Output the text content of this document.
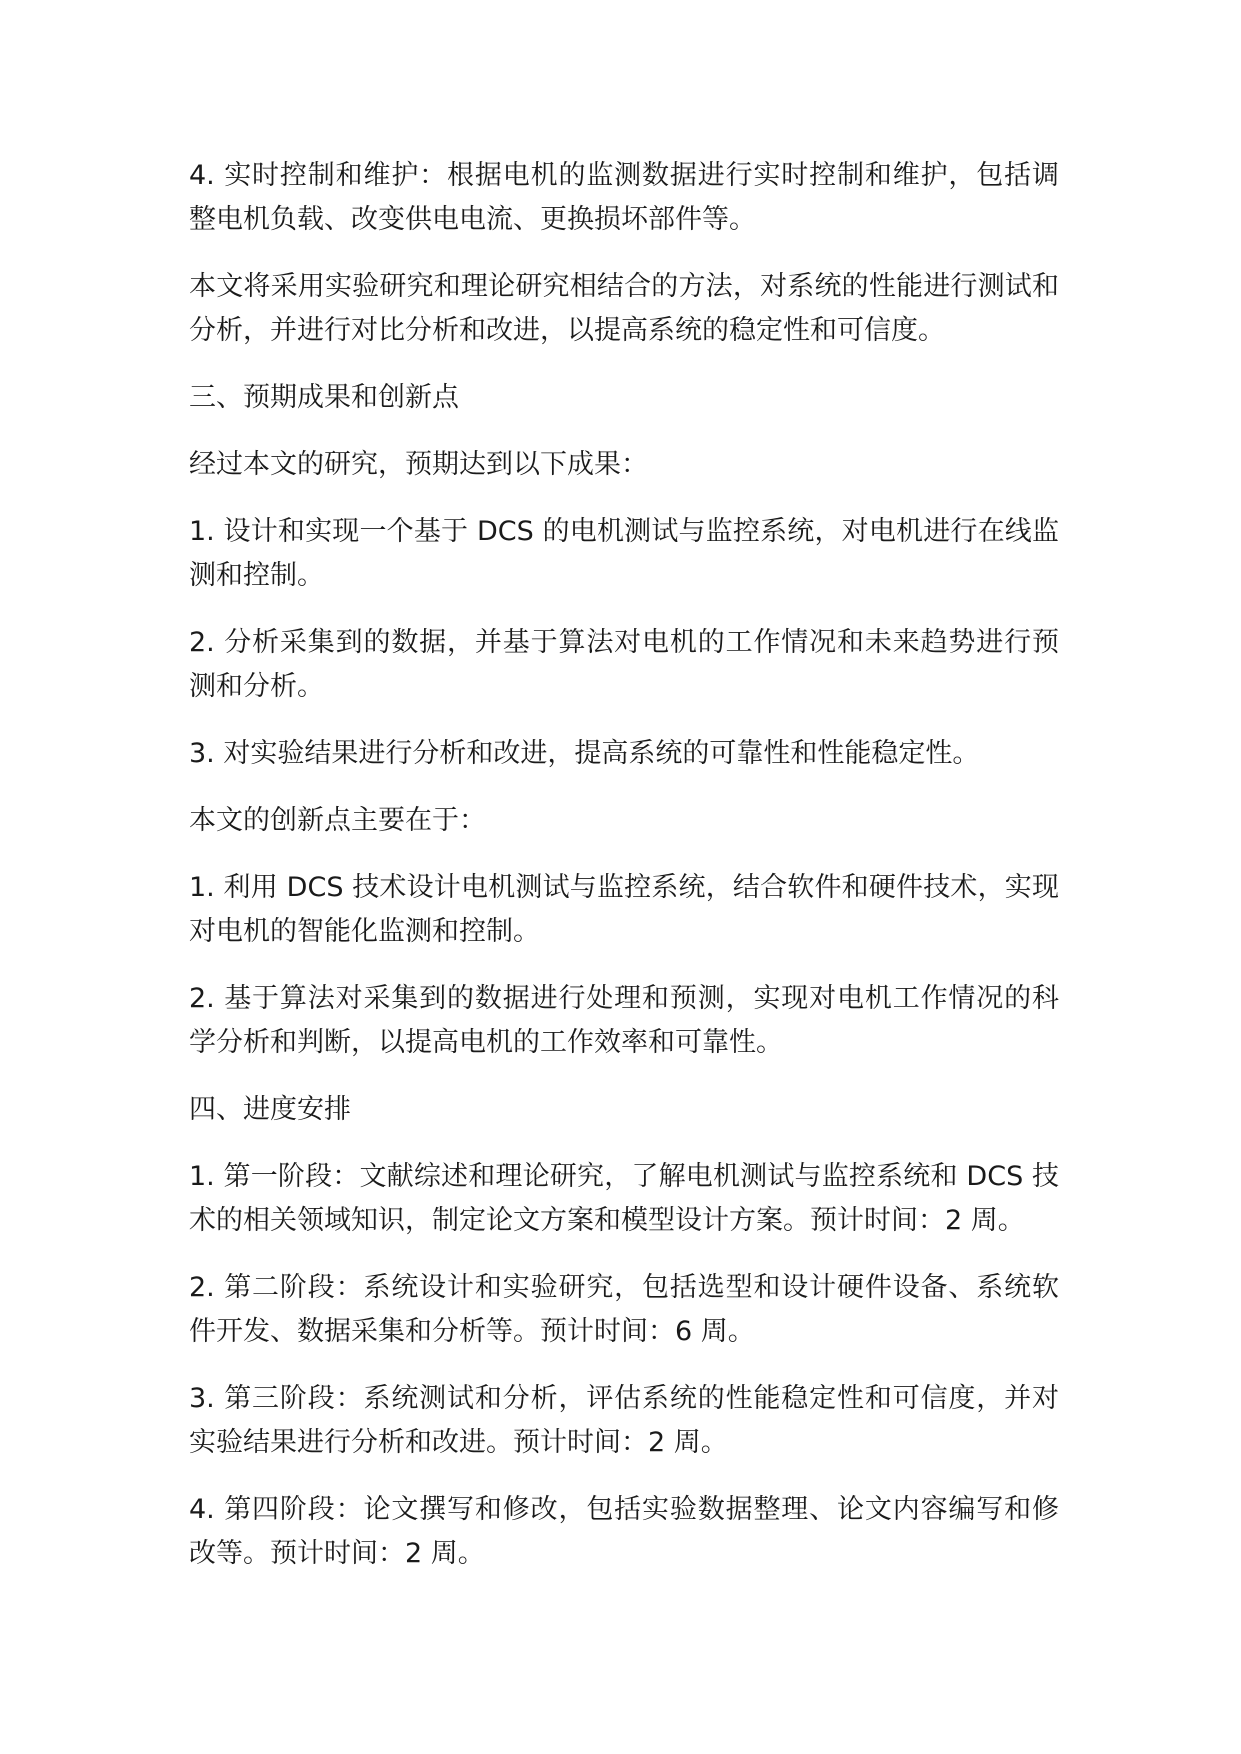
4. 实时控制和维护：根据电机的监测数据进行实时控制和维护，包括调整电机负载、改变供电电流、更换损坏部件等。

本文将采用实验研究和理论研究相结合的方法，对系统的性能进行测试和分析，并进行对比分析和改进，以提高系统的稳定性和可信度。

三、预期成果和创新点

经过本文的研究，预期达到以下成果：

1. 设计和实现一个基于 DCS 的电机测试与监控系统，对电机进行在线监测和控制。

2. 分析采集到的数据，并基于算法对电机的工作情况和未来趋势进行预测和分析。

3. 对实验结果进行分析和改进，提高系统的可靠性和性能稳定性。

本文的创新点主要在于：

1. 利用 DCS 技术设计电机测试与监控系统，结合软件和硬件技术，实现对电机的智能化监测和控制。

2. 基于算法对采集到的数据进行处理和预测，实现对电机工作情况的科学分析和判断，以提高电机的工作效率和可靠性。

四、进度安排

1. 第一阶段：文献综述和理论研究，了解电机测试与监控系统和 DCS 技术的相关领域知识，制定论文方案和模型设计方案。预计时间：2 周。

2. 第二阶段：系统设计和实验研究，包括选型和设计硬件设备、系统软件开发、数据采集和分析等。预计时间：6 周。

3. 第三阶段：系统测试和分析，评估系统的性能稳定性和可信度，并对实验结果进行分析和改进。预计时间：2 周。

4. 第四阶段：论文撰写和修改，包括实验数据整理、论文内容编写和修改等。预计时间：2 周。
